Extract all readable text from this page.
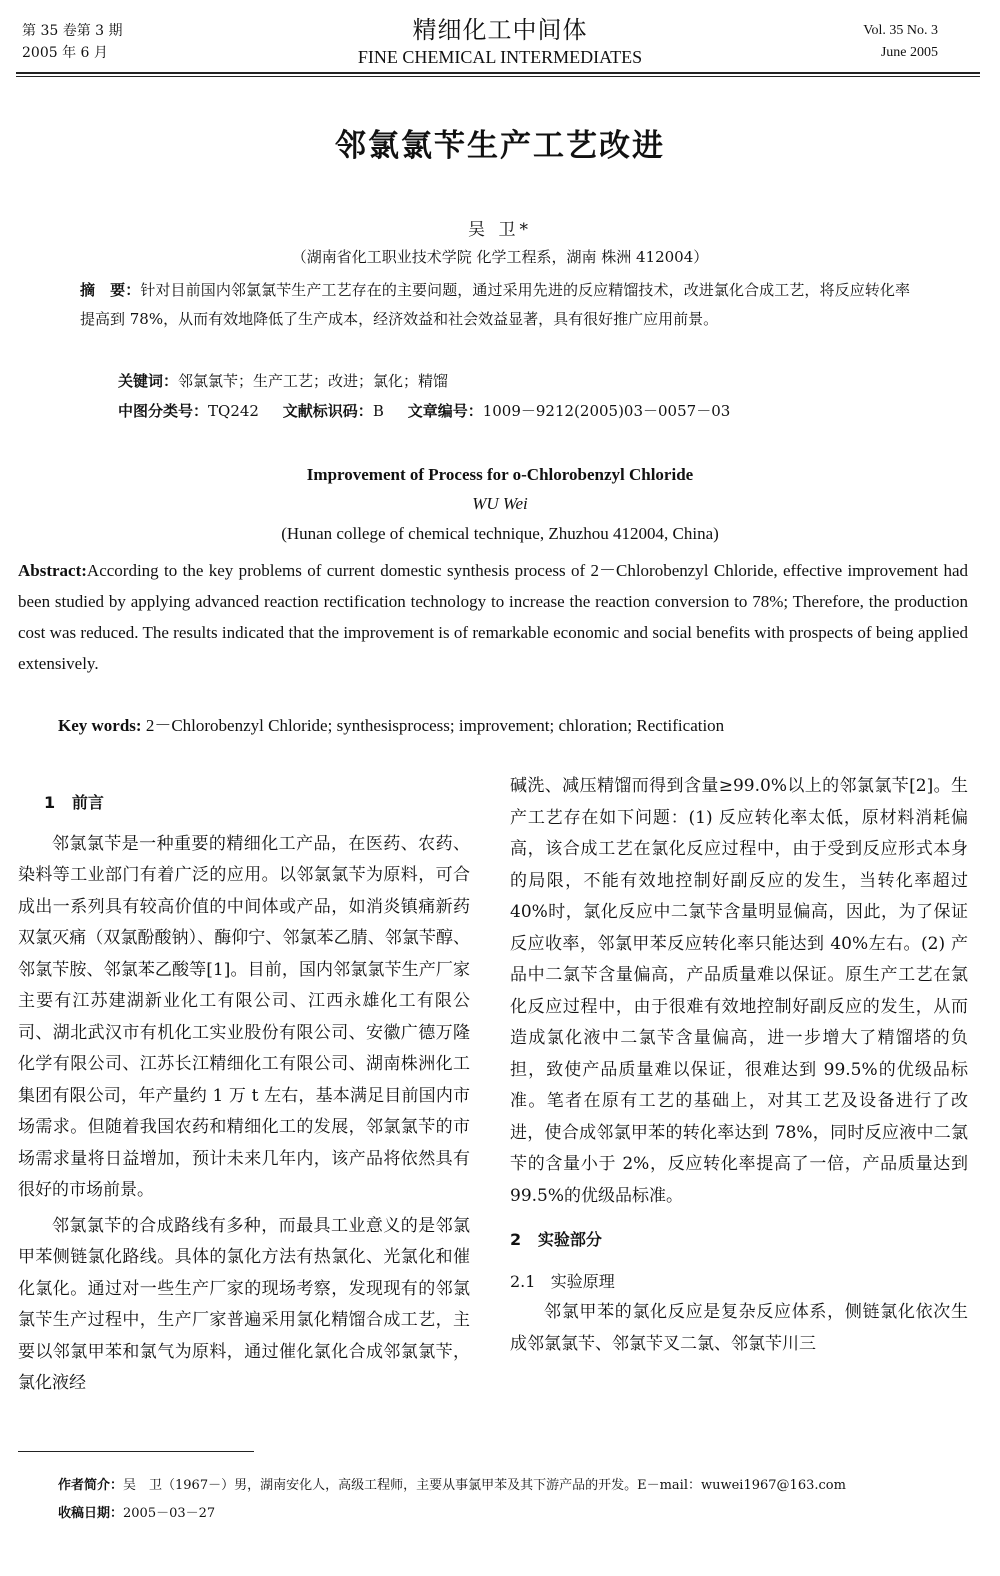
第 35 卷第 3 期
2005 年 6 月
精细化工中间体
FINE CHEMICAL INTERMEDIATES
Vol. 35 No. 3
June 2005
邻氯氯苄生产工艺改进
吴 卫*
（湖南省化工职业技术学院 化学工程系，湖南 株洲 412004）
摘　要：针对目前国内邻氯氯苄生产工艺存在的主要问题，通过采用先进的反应精馏技术，改进氯化合成工艺，将反应转化率提高到 78%，从而有效地降低了生产成本，经济效益和社会效益显著，具有很好推广应用前景。
关键词：邻氯氯苄；生产工艺；改进；氯化；精馏
中图分类号：TQ242 文献标识码：B 文章编号：1009－9212(2005)03－0057－03
Improvement of Process for o-Chlorobenzyl Chloride
WU Wei
(Hunan college of chemical technique, Zhuzhou 412004, China)
Abstract:According to the key problems of current domestic synthesis process of 2－Chlorobenzyl Chloride, effective improvement had been studied by applying advanced reaction rectification technology to increase the reaction conversion to 78%; Therefore, the production cost was reduced. The results indicated that the improvement is of remarkable economic and social benefits with prospects of being applied extensively.
Key words: 2－Chlorobenzyl Chloride; synthesisprocess; improvement; chloration; Rectification
1 前言

邻氯氯苄是一种重要的精细化工产品，在医药、农药、染料等工业部门有着广泛的应用。以邻氯氯苄为原料，可合成出一系列具有较高价值的中间体或产品，如消炎镇痛新药双氯灭痛（双氯酚酸钠）、酶仰宁、邻氯苯乙腈、邻氯苄醇、邻氯苄胺、邻氯苯乙酸等[1]。目前，国内邻氯氯苄生产厂家主要有江苏建湖新业化工有限公司、江西永雄化工有限公司、湖北武汉市有机化工实业股份有限公司、安徽广德万隆化学有限公司、江苏长江精细化工有限公司、湖南株洲化工集团有限公司，年产量约 1 万 t 左右，基本满足目前国内市场需求。但随着我国农药和精细化工的发展，邻氯氯苄的市场需求量将日益增加，预计未来几年内，该产品将依然具有很好的市场前景。

邻氯氯苄的合成路线有多种，而最具工业意义的是邻氯甲苯侧链氯化路线。具体的氯化方法有热氯化、光氯化和催化氯化。通过对一些生产厂家的现场考察，发现现有的邻氯氯苄生产过程中，生产厂家普遍采用氯化精馏合成工艺，主要以邻氯甲苯和氯气为原料，通过催化氯化合成邻氯氯苄，氯化液经

碱洗、减压精馏而得到含量≥99.0%以上的邻氯氯苄[2]。生产工艺存在如下问题：(1) 反应转化率太低，原材料消耗偏高，该合成工艺在氯化反应过程中，由于受到反应形式本身的局限，不能有效地控制好副反应的发生，当转化率超过 40%时，氯化反应中二氯苄含量明显偏高，因此，为了保证反应收率，邻氯甲苯反应转化率只能达到 40%左右。(2) 产品中二氯苄含量偏高，产品质量难以保证。原生产工艺在氯化反应过程中，由于很难有效地控制好副反应的发生，从而造成氯化液中二氯苄含量偏高，进一步增大了精馏塔的负担，致使产品质量难以保证，很难达到 99.5%的优级品标准。笔者在原有工艺的基础上，对其工艺及设备进行了改进，使合成邻氯甲苯的转化率达到 78%，同时反应液中二氯苄的含量小于 2%，反应转化率提高了一倍，产品质量达到 99.5%的优级品标准。

2 实验部分
2.1 实验原理

邻氯甲苯的氯化反应是复杂反应体系，侧链氯化依次生成邻氯氯苄、邻氯苄叉二氯、邻氯苄川三

作者简介：吴　卫（1967－）男，湖南安化人，高级工程师，主要从事氯甲苯及其下游产品的开发。E－mail：wuwei1967@163.com
收稿日期：2005－03－27
